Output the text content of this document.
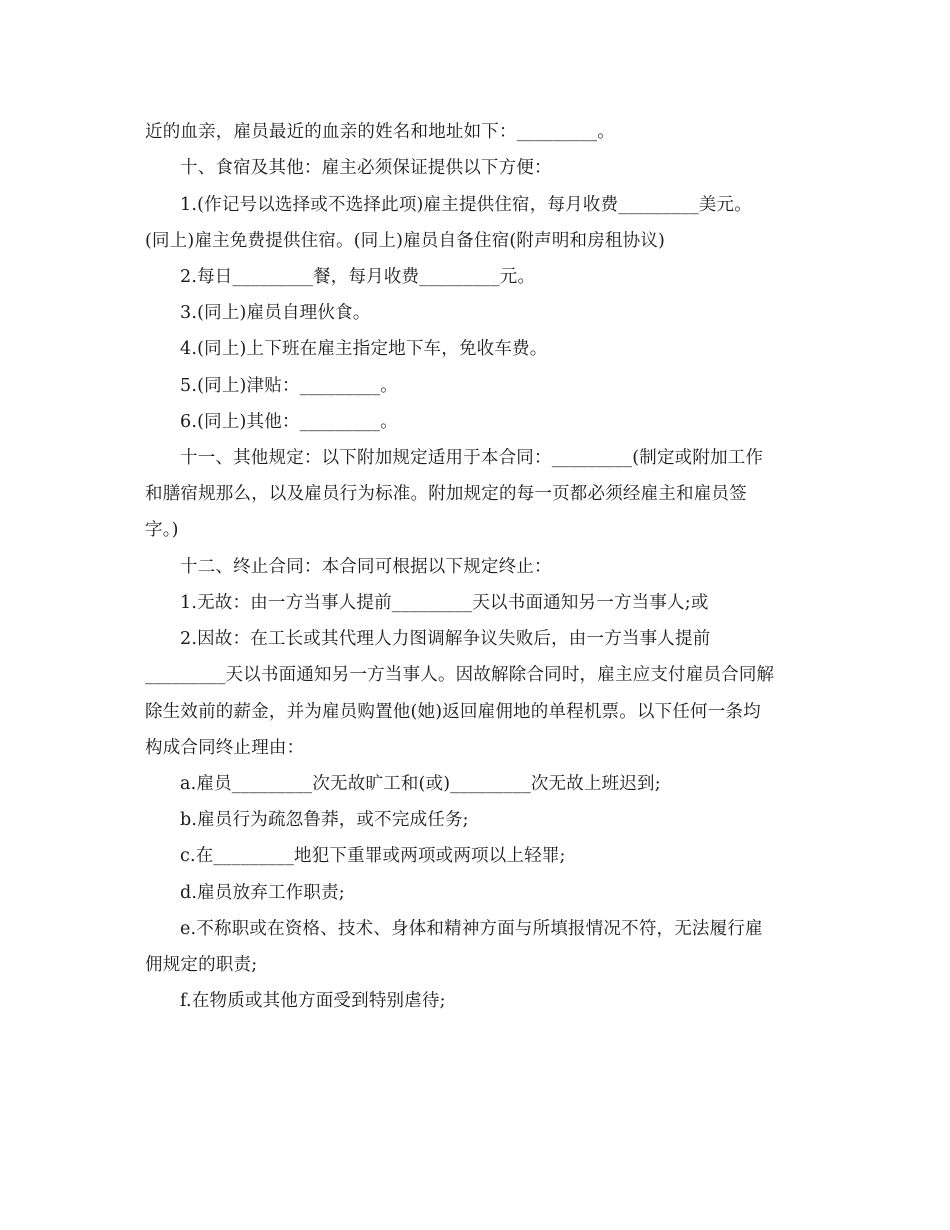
近的血亲，雇员最近的血亲的姓名和地址如下：_________。
十、食宿及其他：雇主必须保证提供以下方便：
1.(作记号以选择或不选择此项)雇主提供住宿，每月收费_________美元。
(同上)雇主免费提供住宿。(同上)雇员自备住宿(附声明和房租协议)
2.每日_________餐，每月收费_________元。
3.(同上)雇员自理伙食。
4.(同上)上下班在雇主指定地下车，免收车费。
5.(同上)津贴：_________。
6.(同上)其他：_________。
十一、其他规定：以下附加规定适用于本合同：_________(制定或附加工作
和膳宿规那么，以及雇员行为标准。附加规定的每一页都必须经雇主和雇员签
字。)
十二、终止合同：本合同可根据以下规定终止：
1.无故：由一方当事人提前_________天以书面通知另一方当事人;或
2.因故：在工长或其代理人力图调解争议失败后，由一方当事人提前
_________天以书面通知另一方当事人。因故解除合同时，雇主应支付雇员合同解
除生效前的薪金，并为雇员购置他(她)返回雇佣地的单程机票。以下任何一条均
构成合同终止理由：
a.雇员_________次无故旷工和(或)_________次无故上班迟到;
b.雇员行为疏忽鲁莽，或不完成任务;
c.在_________地犯下重罪或两项或两项以上轻罪;
d.雇员放弃工作职责;
e.不称职或在资格、技术、身体和精神方面与所填报情况不符，无法履行雇
佣规定的职责;
f.在物质或其他方面受到特别虐待;
